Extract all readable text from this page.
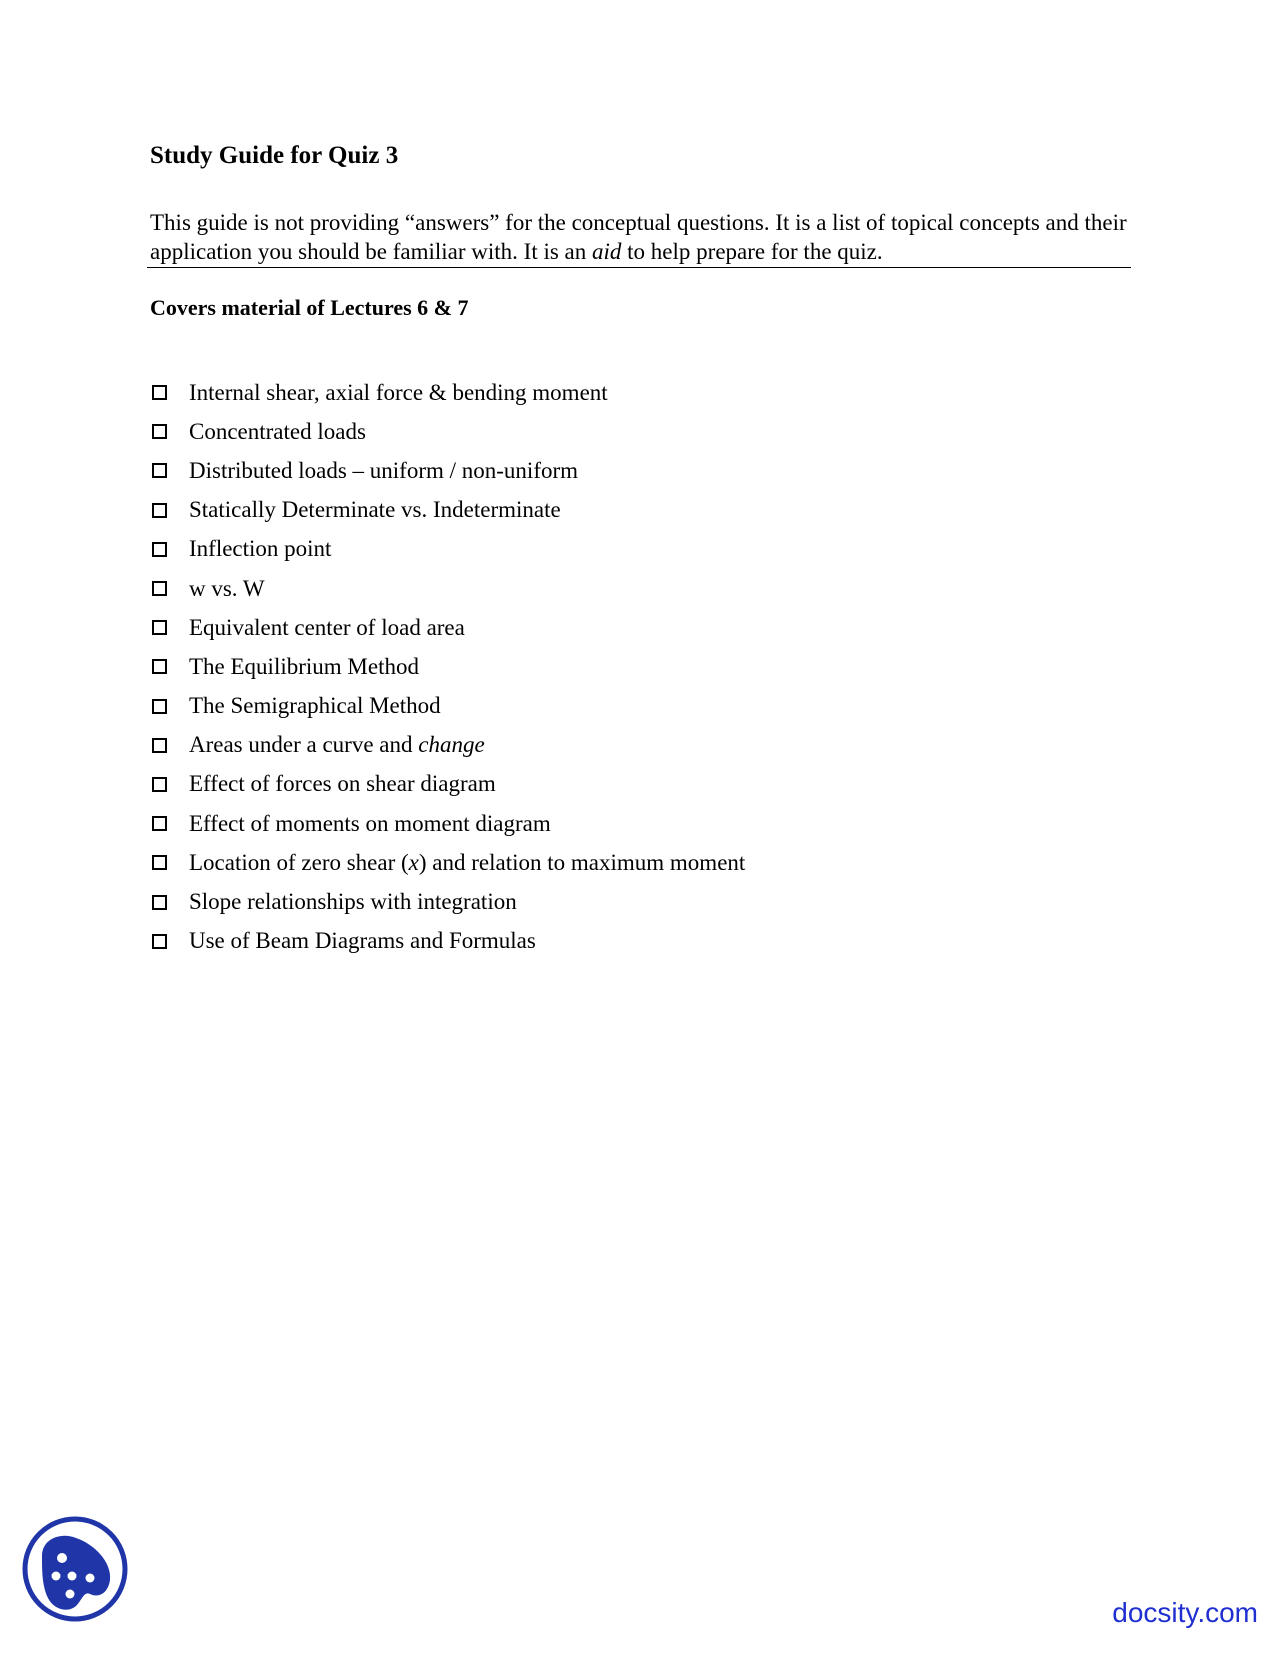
Study Guide for Quiz 3

This guide is not providing “answers” for the conceptual questions. It is a list of topical concepts and their application you should be familiar with. It is an aid to help prepare for the quiz.

Covers material of Lectures 6 & 7
Internal shear, axial force & bending moment
Concentrated loads
Distributed loads – uniform / non-uniform
Statically Determinate vs. Indeterminate
Inflection point
w vs. W
Equivalent center of load area
The Equilibrium Method
The Semigraphical Method
Areas under a curve and change
Effect of forces on shear diagram
Effect of moments on moment diagram
Location of zero shear (x) and relation to maximum moment
Slope relationships with integration
Use of Beam Diagrams and Formulas
docsity.com
